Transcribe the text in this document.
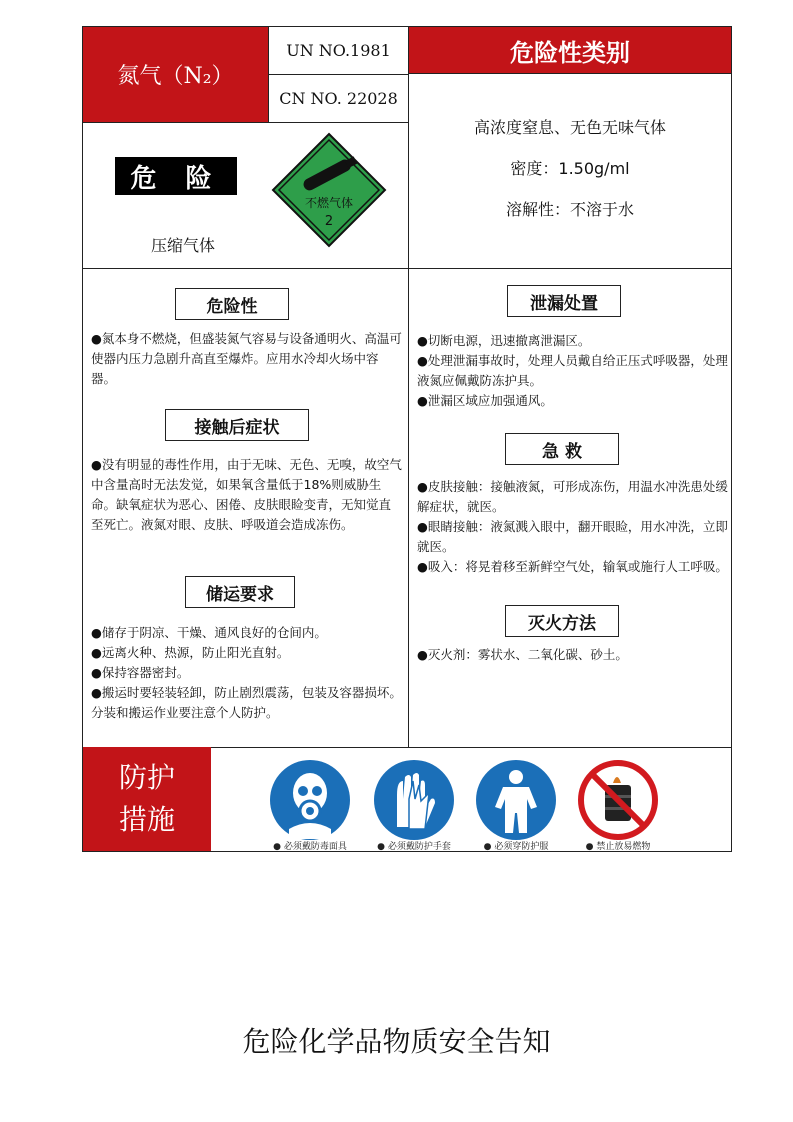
氮气（N₂）
UN NO.1981
CN NO. 22028
危险性类别
危 险
压缩气体
不燃气体
2
高浓度窒息、无色无味气体
密度：1.50g/ml
溶解性：不溶于水
危险性

●氮本身不燃烧，但盛装氮气容易与设备通明火、高温可使器内压力急剧升高直至爆炸。应用水冷却火场中容器。

接触后症状

●没有明显的毒性作用，由于无味、无色、无嗅，故空气中含量高时无法发觉，如果氧含量低于18%则威胁生命。缺氧症状为恶心、困倦、皮肤眼睑变青，无知觉直至死亡。液氮对眼、皮肤、呼吸道会造成冻伤。

储运要求

●储存于阴凉、干燥、通风良好的仓间内。

●远离火种、热源，防止阳光直射。

●保持容器密封。

●搬运时要轻装轻卸，防止剧烈震荡，包装及容器损坏。分装和搬运作业要注意个人防护。

泄漏处置

●切断电源，迅速撤离泄漏区。

●处理泄漏事故时，处理人员戴自给正压式呼吸器，处理液氮应佩戴防冻护具。

●泄漏区域应加强通风。

急 救

●皮肤接触：接触液氮，可形成冻伤，用温水冲洗患处缓解症状，就医。

●眼睛接触：液氮溅入眼中，翻开眼睑，用水冲洗，立即就医。

●吸入：将晃着移至新鲜空气处，输氧或施行人工呼吸。

灭火方法

●灭火剂：雾状水、二氧化碳、砂土。

防护
措施
● 必须戴防毒面具	● 必须戴防护手套	● 必须穿防护服	● 禁止放易燃物
危险化学品物质安全告知
